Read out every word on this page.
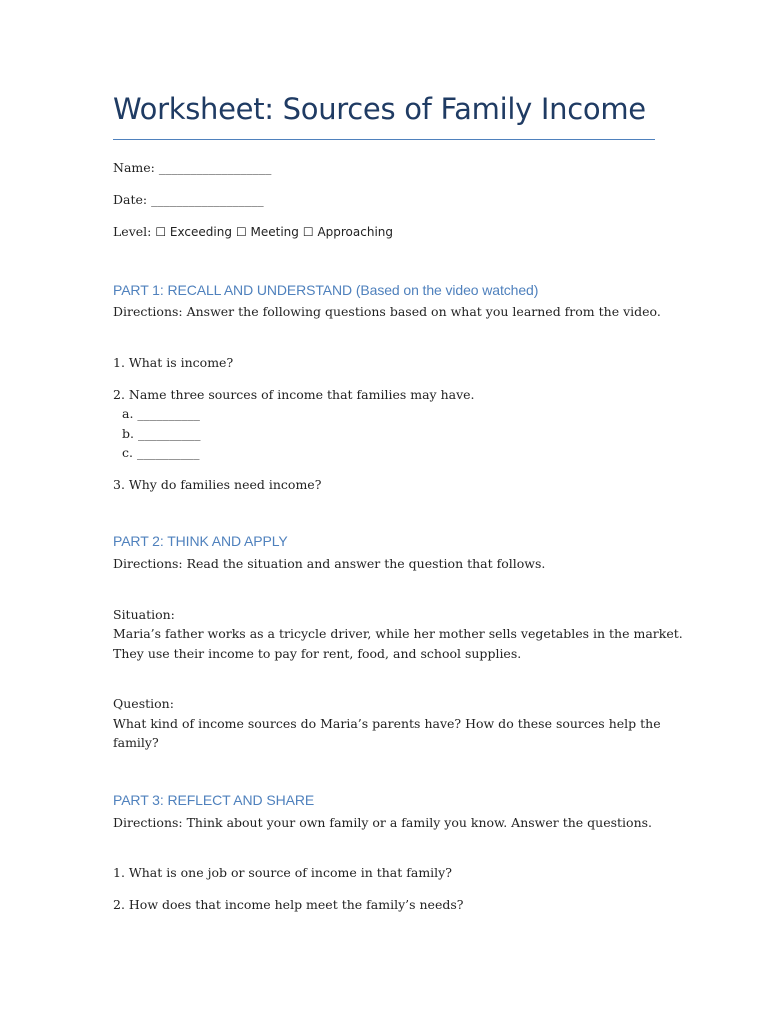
Worksheet: Sources of Family Income
Name: __________________
Date: __________________
Level: ☐ Exceeding ☐ Meeting ☐ Approaching
PART 1: RECALL AND UNDERSTAND (Based on the video watched)
Directions: Answer the following questions based on what you learned from the video.
1. What is income?
2. Name three sources of income that families may have.
a. __________
b. __________
c. __________
3. Why do families need income?
PART 2: THINK AND APPLY
Directions: Read the situation and answer the question that follows.
Situation:
Maria’s father works as a tricycle driver, while her mother sells vegetables in the market.
They use their income to pay for rent, food, and school supplies.
Question:
What kind of income sources do Maria’s parents have? How do these sources help the
family?
PART 3: REFLECT AND SHARE
Directions: Think about your own family or a family you know. Answer the questions.
1. What is one job or source of income in that family?
2. How does that income help meet the family’s needs?
